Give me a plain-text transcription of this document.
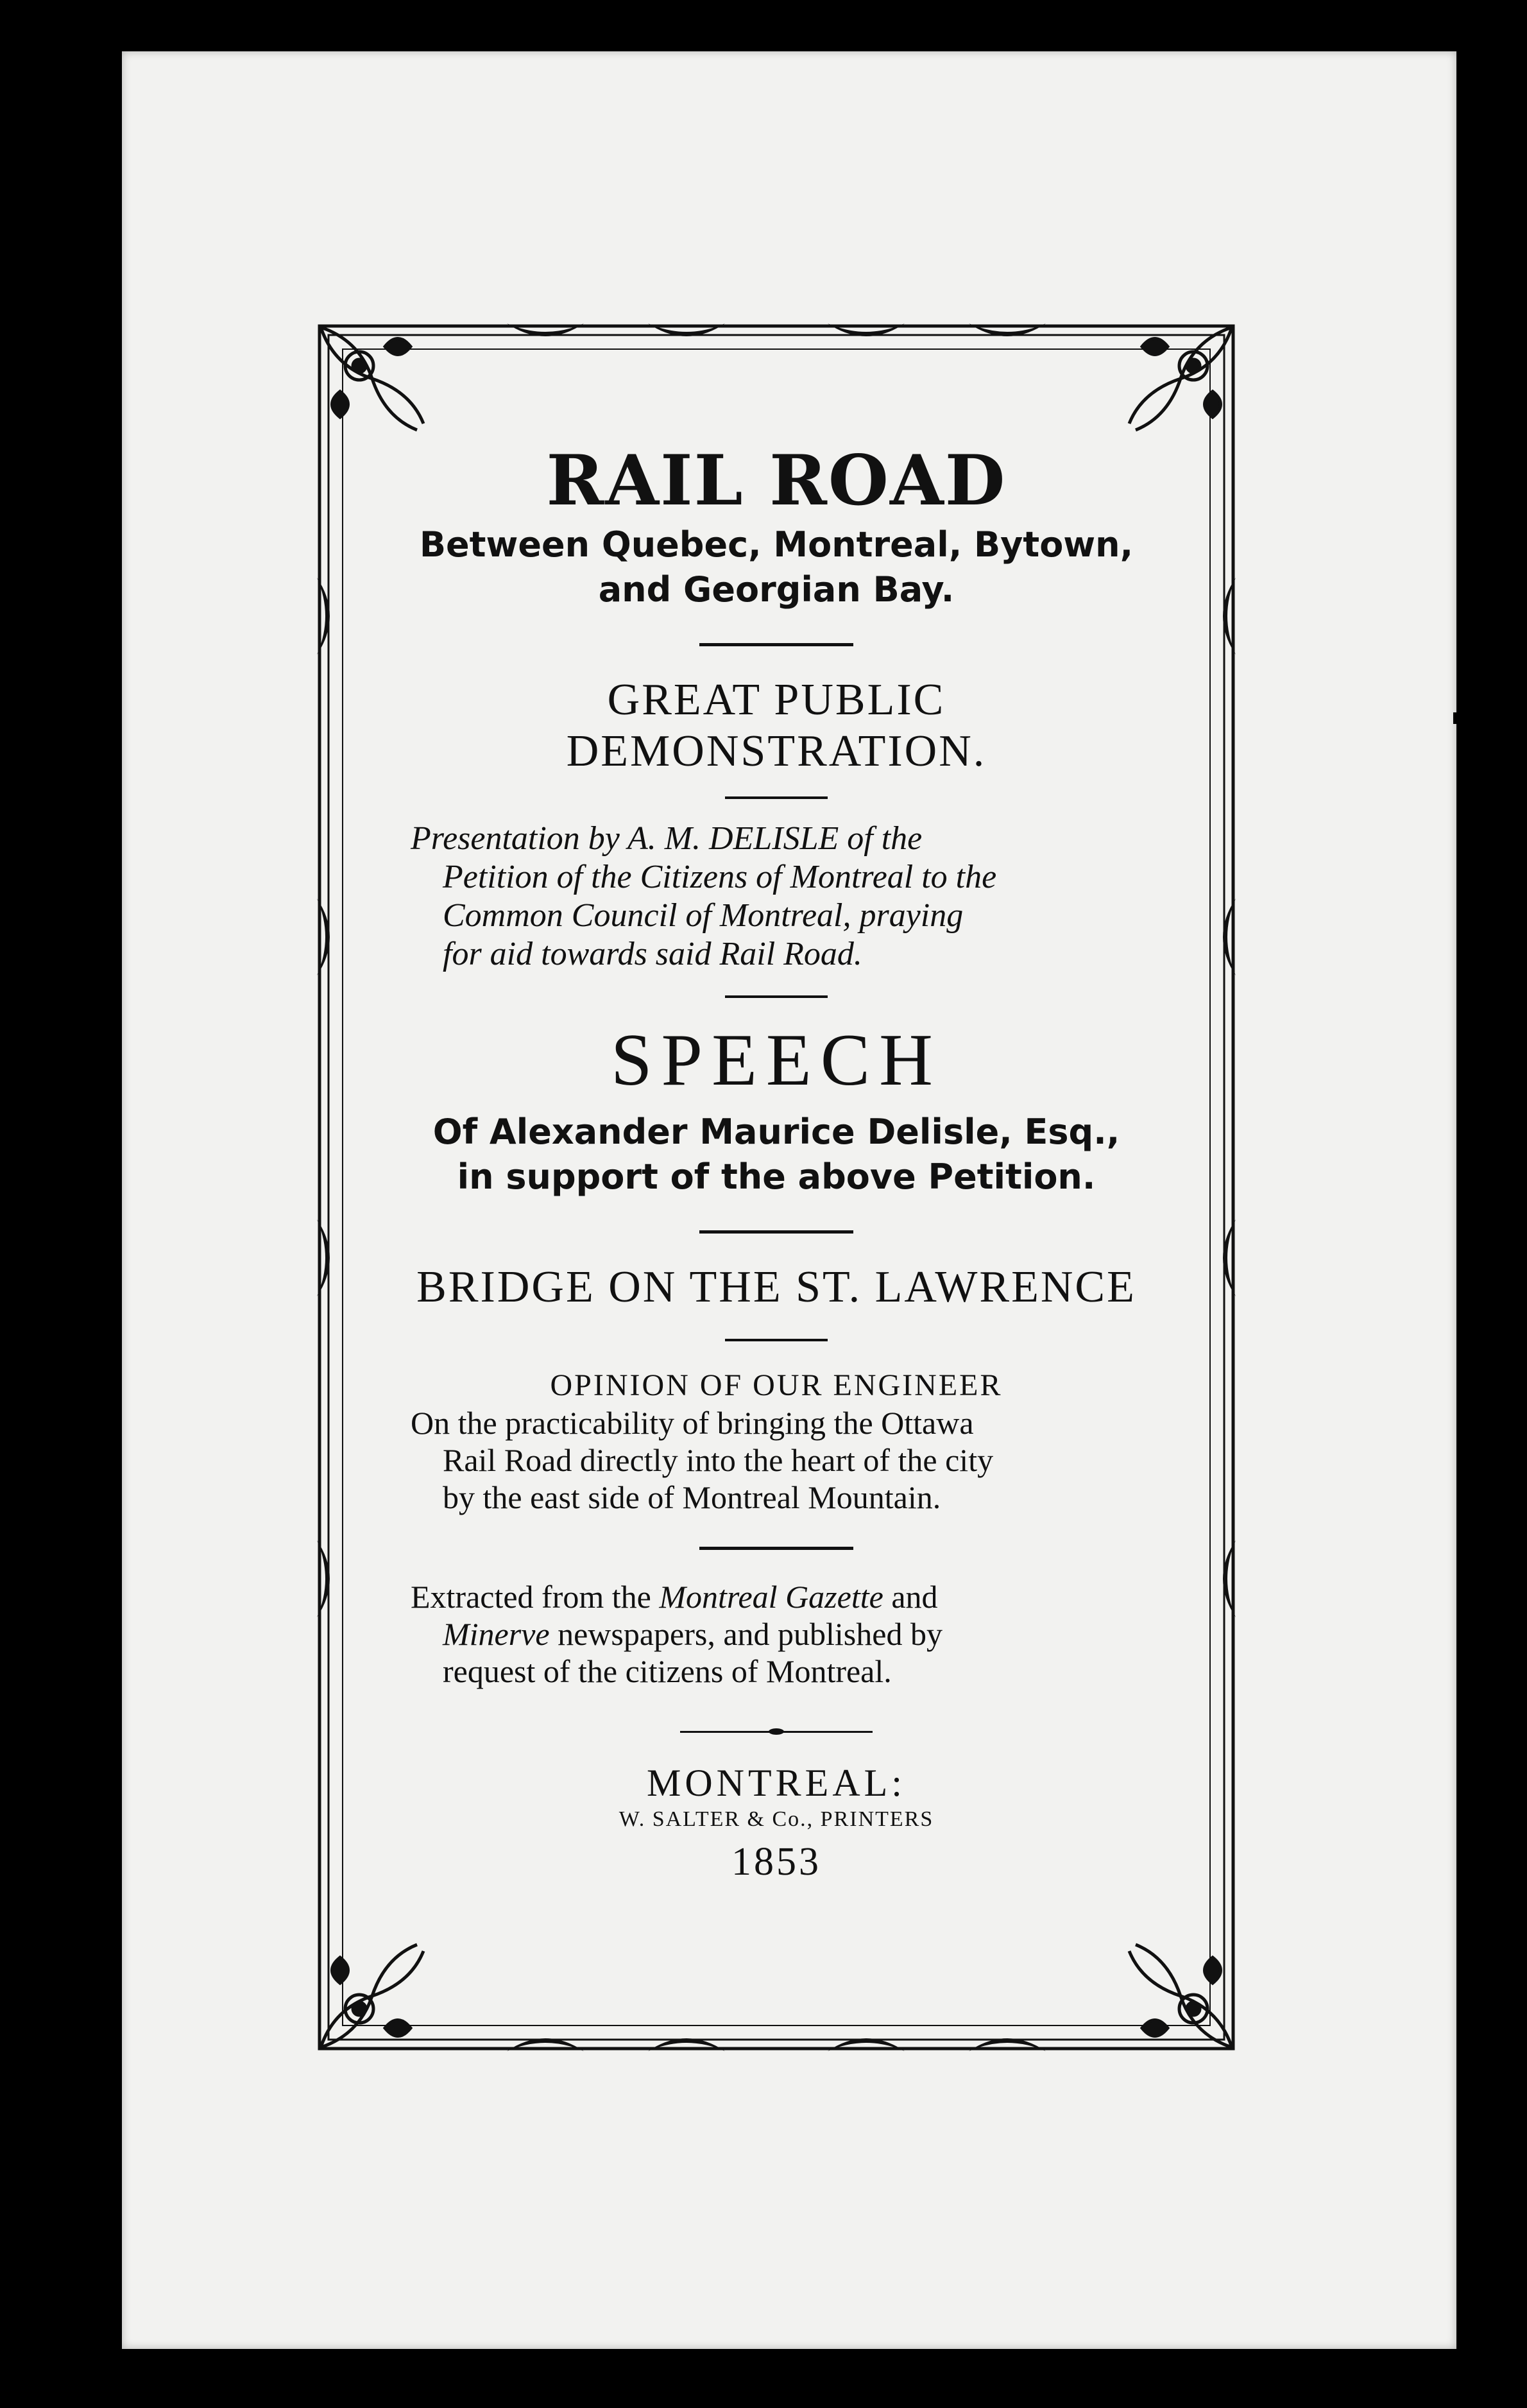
RAIL ROAD

Between Quebec, Montreal, Bytown,

and Georgian Bay.

GREAT PUBLIC DEMONSTRATION.

Presentation by A. M. DELISLE of the
Petition of the Citizens of Montreal to the
Common Council of Montreal, praying
for aid towards said Rail Road.

SPEECH

Of Alexander Maurice Delisle, Esq.,

in support of the above Petition.

BRIDGE ON THE ST. LAWRENCE

OPINION OF OUR ENGINEER

On the practicability of bringing the Ottawa
Rail Road directly into the heart of the city
by the east side of Montreal Mountain.

Extracted from the Montreal Gazette and
Minerve newspapers, and published by
request of the citizens of Montreal.

MONTREAL:

W. SALTER & Co., PRINTERS

1853
